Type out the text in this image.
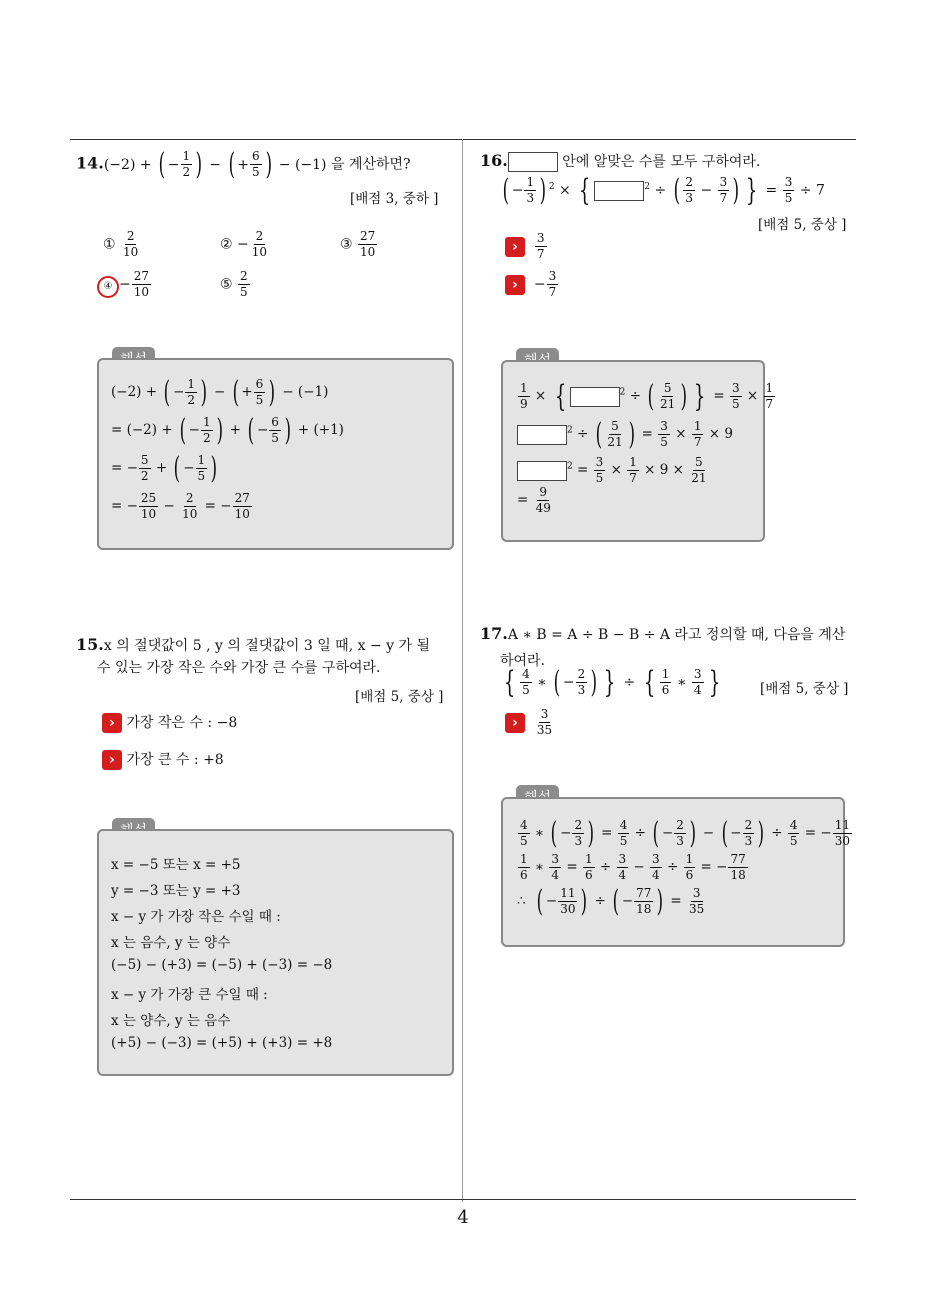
14.(−2) + ( − $\frac{1}{2}$ ) − ( + $\frac{6}{5}$ ) − (−1) 을 계산하면?
[배점 3, 중하 ]
① $\frac{2}{10}$	② − $\frac{2}{10}$	③ $\frac{27}{10}$
④ − $\frac{27}{10}$	⑤ $\frac{2}{5}$
(−2) + ( − $\frac{1}{2}$ ) − ( + $\frac{6}{5}$ ) − (−1)
= (−2) + ( − $\frac{1}{2}$ ) + ( − $\frac{6}{5}$ ) + (+1)
= − $\frac{5}{2}$ + ( − $\frac{1}{5}$ )
= − $\frac{25}{10} - \frac{2}{10}$ = − $\frac{27}{10}$
15.x 의 절댓값이 5 , y 의 절댓값이 3 일 때, x − y 가 될
수 있는 가장 작은 수와 가장 큰 수를 구하여라.
[배점 5, 중상 ]
› 가장 작은 수 : −8
› 가장 큰 수 : +8
x = −5 또는 x = +5
y = −3 또는 y = +3
x − y 가 가장 작은 수일 때 :
x 는 음수, y 는 양수
(−5) − (+3) = (−5) + (−3) = −8
x − y 가 가장 큰 수일 때 :
x 는 양수, y 는 음수
(+5) − (−3) = (+5) + (+3) = +8
16.	안에 알맞은 수를 모두 구하여라.
( − $\frac{1}{3}$ ) $^2$ × {	$^2$ ÷ ( $\frac{2}{3} - \frac{3}{7}$ ) } = $\frac{3}{5} \div 7$
[배점 5, 중상 ]
› $\frac{3}{7}$
›  − $\frac{3}{7}$
$\frac{1}{9}$ × {	$^2$ ÷ ( $\frac{5}{21}$ ) } = $\frac{3}{5} \times \frac{1}{7}$
$^2$ ÷ ( $\frac{5}{21}$ ) = $\frac{3}{5} \times \frac{1}{7} \times 9$
$^2 = \frac{3}{5} \times \frac{1}{7} \times 9 \times \frac{5}{21}$
= $\frac{9}{49}$
17.A ∗ B = A ÷ B − B ÷ A 라고 정의할 때, 다음을 계산
하여라.
{ $\frac{4}{5}$ ∗ ( − $\frac{2}{3}$ ) } ÷ { $\frac{1}{6}$ ∗ $\frac{3}{4}$ }	[배점 5, 중상 ]
› $\frac{3}{35}$
$\frac{4}{5}$ ∗ ( − $\frac{2}{3}$ ) = $\frac{4}{5}$ ÷ ( − $\frac{2}{3}$ ) − ( − $\frac{2}{3}$ ) ÷ $\frac{4}{5}$ = − $\frac{11}{30}$
$\frac{1}{6}$ ∗ $\frac{3}{4} = \frac{1}{6} \div \frac{3}{4} - \frac{3}{4} \div \frac{1}{6}$ = − $\frac{77}{18}$
∴  ( − $\frac{11}{30}$ ) ÷ ( − $\frac{77}{18}$ ) = $\frac{3}{35}$
4
